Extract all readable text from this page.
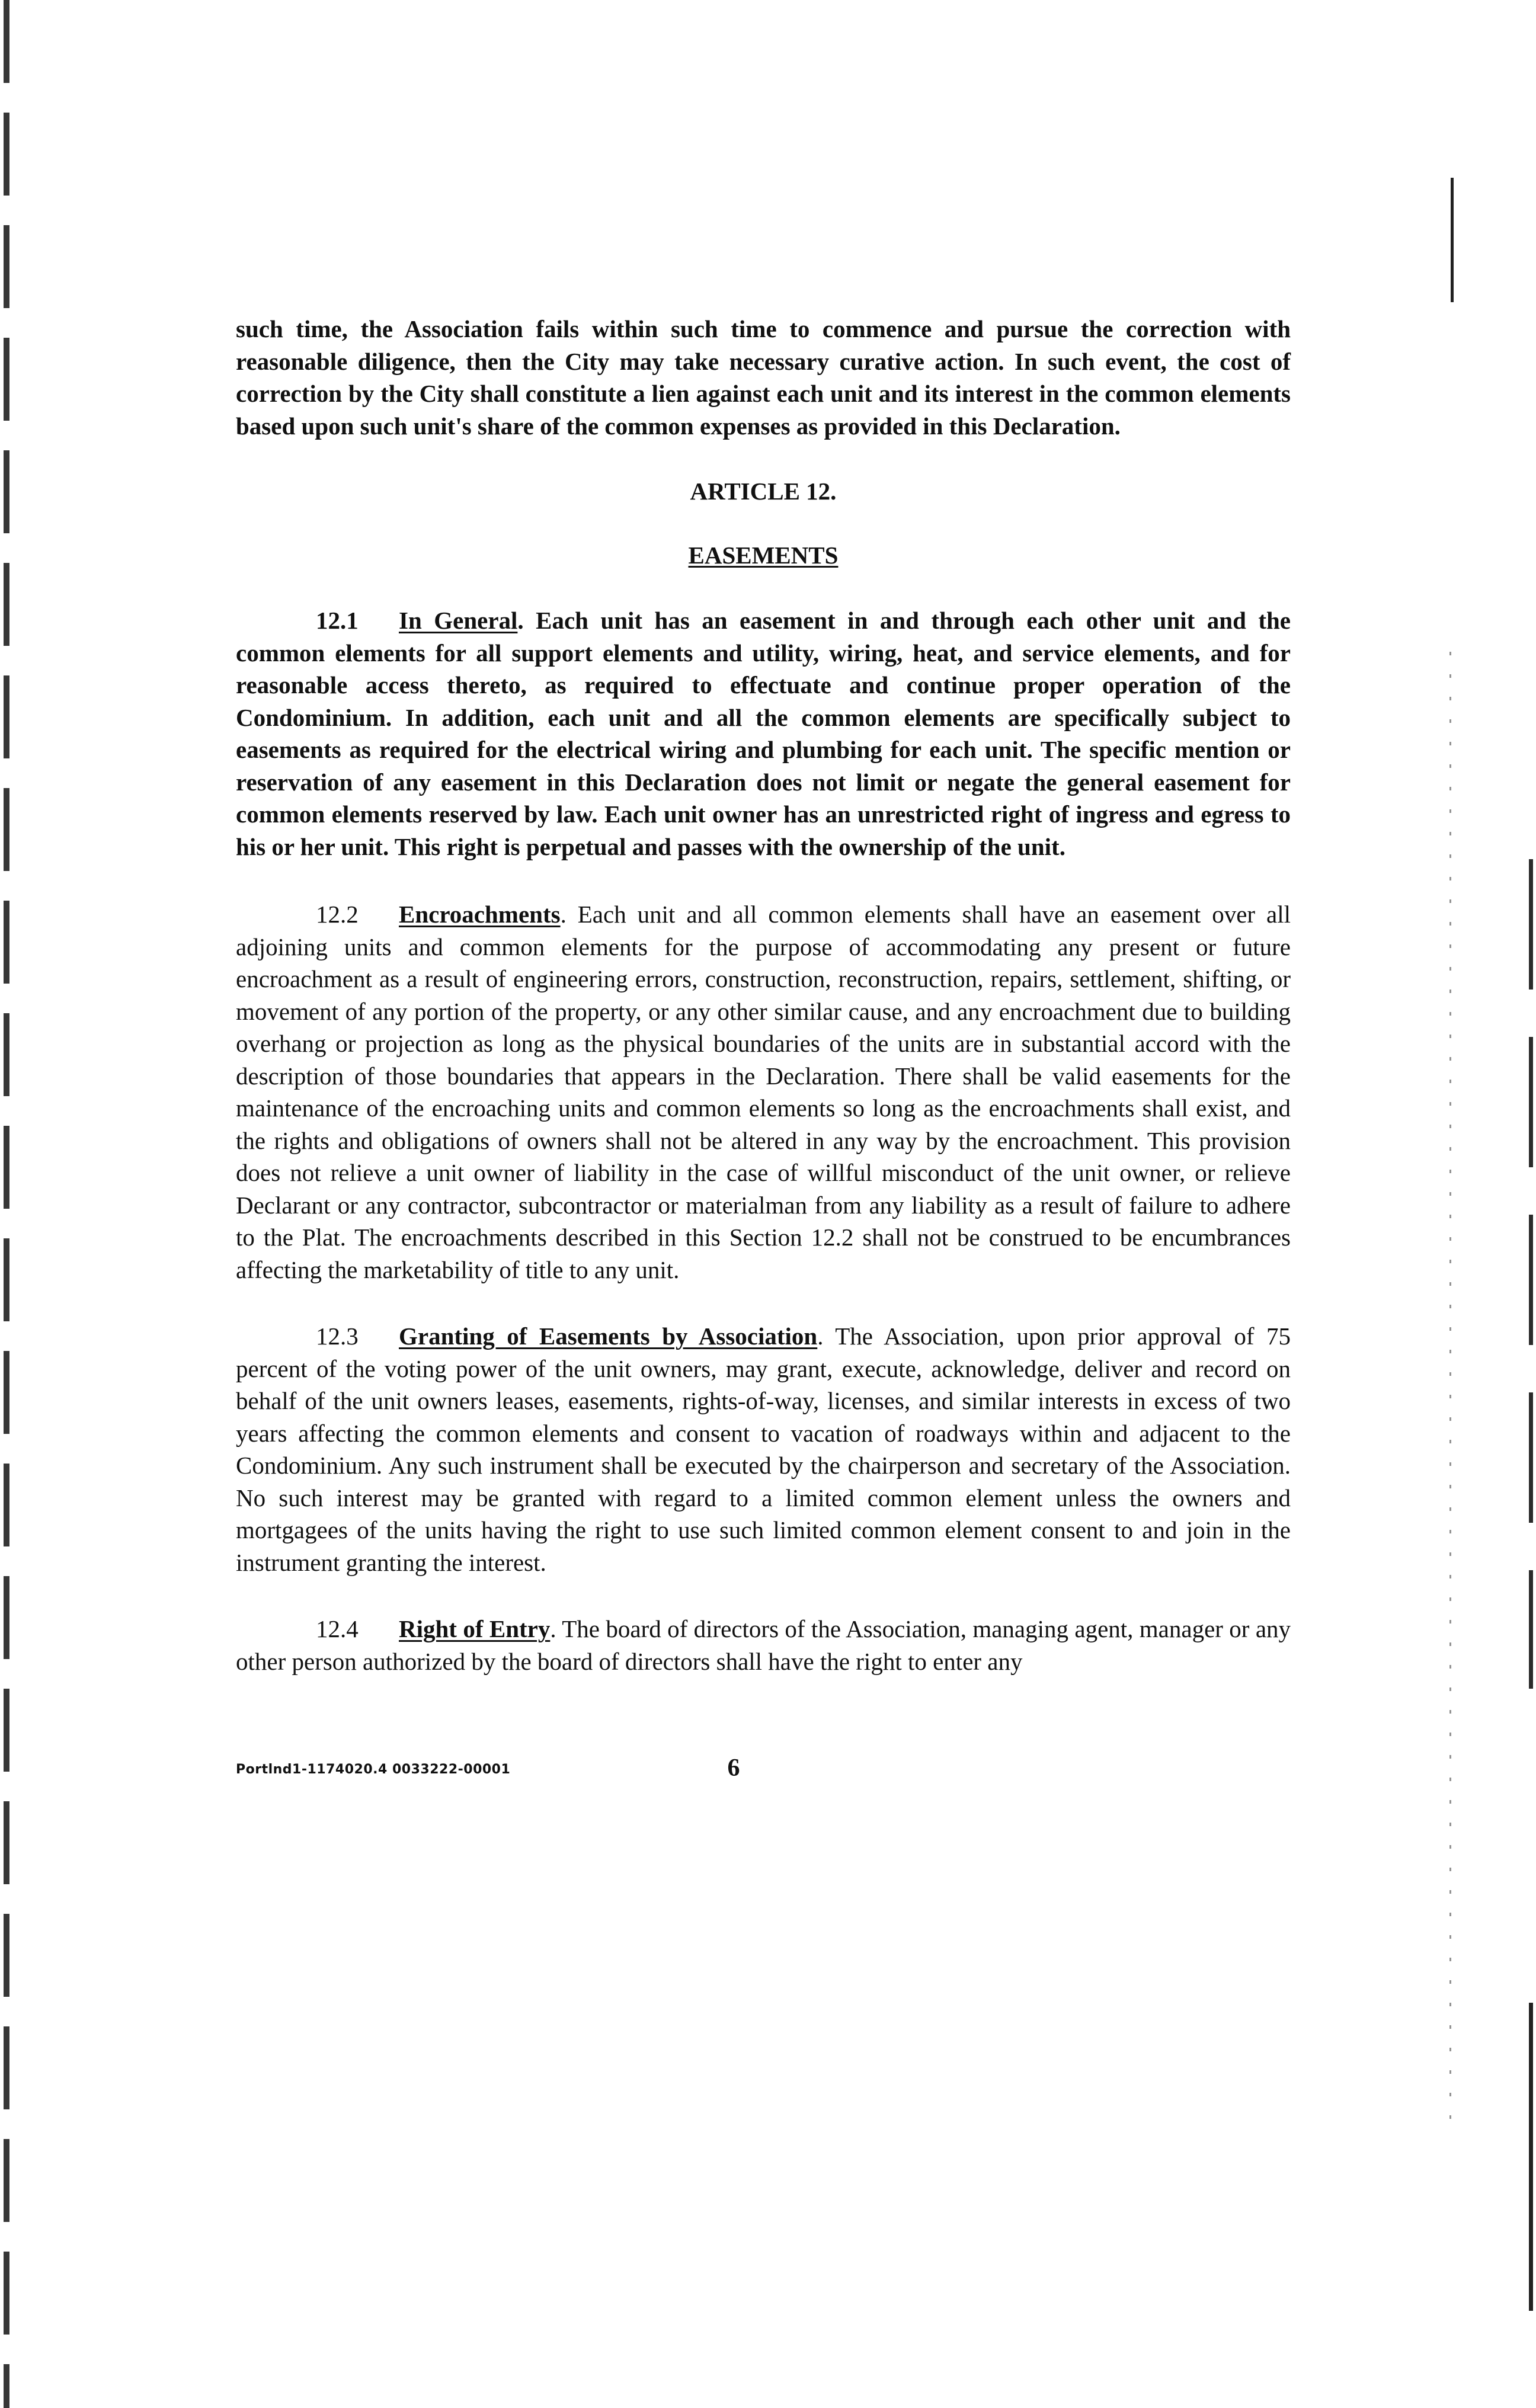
such time, the Association fails within such time to commence and pursue the correction with reasonable diligence, then the City may take necessary curative action. In such event, the cost of correction by the City shall constitute a lien against each unit and its interest in the common elements based upon such unit's share of the common expenses as provided in this Declaration.

ARTICLE 12.

EASEMENTS

12.1 In General. Each unit has an easement in and through each other unit and the common elements for all support elements and utility, wiring, heat, and service elements, and for reasonable access thereto, as required to effectuate and continue proper operation of the Condominium. In addition, each unit and all the common elements are specifically subject to easements as required for the electrical wiring and plumbing for each unit. The specific mention or reservation of any easement in this Declaration does not limit or negate the general easement for common elements reserved by law. Each unit owner has an unrestricted right of ingress and egress to his or her unit. This right is perpetual and passes with the ownership of the unit.

12.2 Encroachments. Each unit and all common elements shall have an easement over all adjoining units and common elements for the purpose of accommodating any present or future encroachment as a result of engineering errors, construction, reconstruction, repairs, settlement, shifting, or movement of any portion of the property, or any other similar cause, and any encroachment due to building overhang or projection as long as the physical boundaries of the units are in substantial accord with the description of those boundaries that appears in the Declaration. There shall be valid easements for the maintenance of the encroaching units and common elements so long as the encroachments shall exist, and the rights and obligations of owners shall not be altered in any way by the encroachment. This provision does not relieve a unit owner of liability in the case of willful misconduct of the unit owner, or relieve Declarant or any contractor, subcontractor or materialman from any liability as a result of failure to adhere to the Plat. The encroachments described in this Section 12.2 shall not be construed to be encumbrances affecting the marketability of title to any unit.

12.3 Granting of Easements by Association. The Association, upon prior approval of 75 percent of the voting power of the unit owners, may grant, execute, acknowledge, deliver and record on behalf of the unit owners leases, easements, rights-of-way, licenses, and similar interests in excess of two years affecting the common elements and consent to vacation of roadways within and adjacent to the Condominium. Any such instrument shall be executed by the chairperson and secretary of the Association. No such interest may be granted with regard to a limited common element unless the owners and mortgagees of the units having the right to use such limited common element consent to and join in the instrument granting the interest.

12.4 Right of Entry. The board of directors of the Association, managing agent, manager or any other person authorized by the board of directors shall have the right to enter any

Portlnd1-1174020.4 0033222-00001	6
